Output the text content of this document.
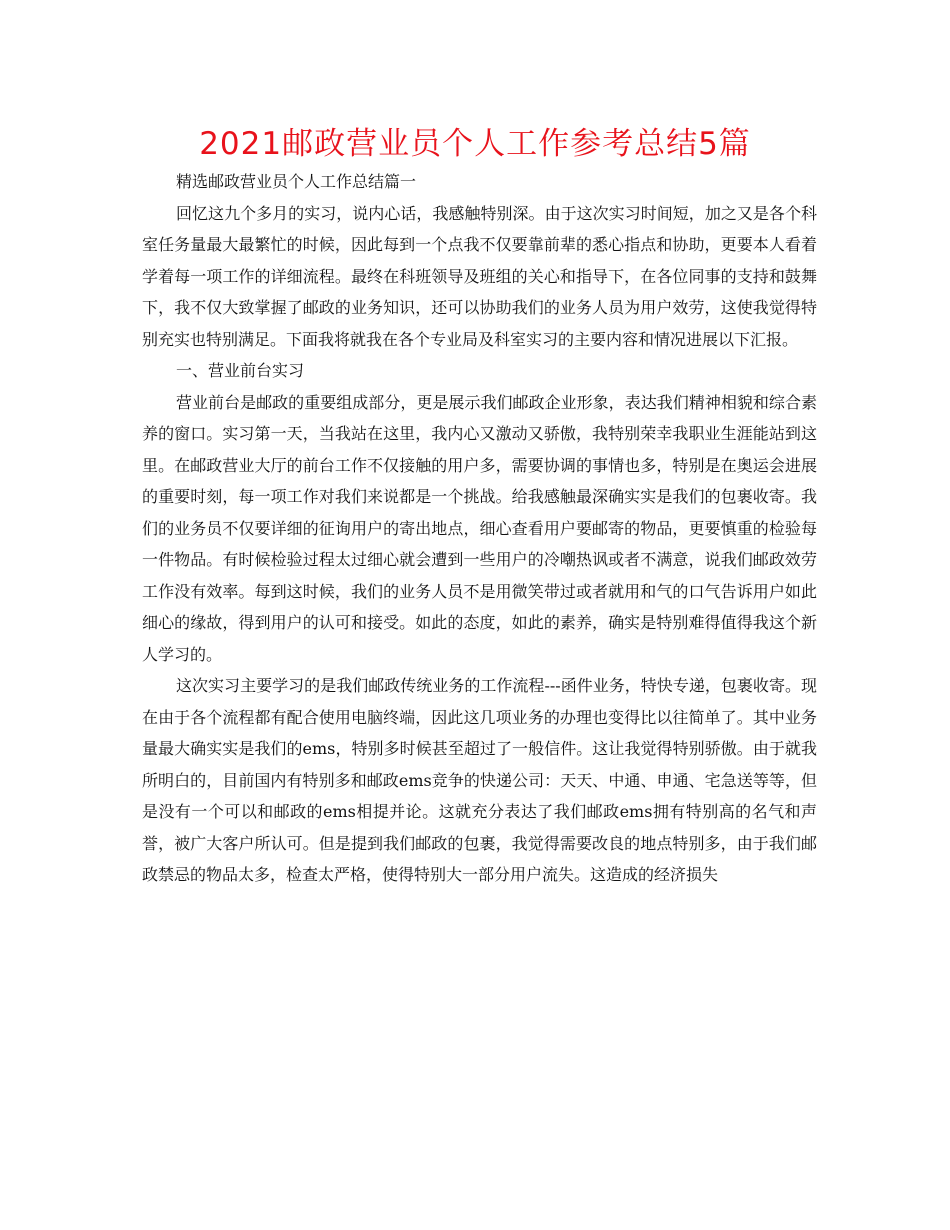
2021邮政营业员个人工作参考总结5篇

精选邮政营业员个人工作总结篇一

回忆这九个多月的实习，说内心话，我感触特别深。由于这次实习时间短，加之又是各个科室任务量最大最繁忙的时候，因此每到一个点我不仅要靠前辈的悉心指点和协助，更要本人看着学着每一项工作的详细流程。最终在科班领导及班组的关心和指导下，在各位同事的支持和鼓舞下，我不仅大致掌握了邮政的业务知识，还可以协助我们的业务人员为用户效劳，这使我觉得特别充实也特别满足。下面我将就我在各个专业局及科室实习的主要内容和情况进展以下汇报。

一、营业前台实习

营业前台是邮政的重要组成部分，更是展示我们邮政企业形象，表达我们精神相貌和综合素养的窗口。实习第一天，当我站在这里，我内心又激动又骄傲，我特别荣幸我职业生涯能站到这里。在邮政营业大厅的前台工作不仅接触的用户多，需要协调的事情也多，特别是在奥运会进展的重要时刻，每一项工作对我们来说都是一个挑战。给我感触最深确实实是我们的包裹收寄。我们的业务员不仅要详细的征询用户的寄出地点，细心查看用户要邮寄的物品，更要慎重的检验每一件物品。有时候检验过程太过细心就会遭到一些用户的冷嘲热讽或者不满意，说我们邮政效劳工作没有效率。每到这时候，我们的业务人员不是用微笑带过或者就用和气的口气告诉用户如此细心的缘故，得到用户的认可和接受。如此的态度，如此的素养，确实是特别难得值得我这个新人学习的。

这次实习主要学习的是我们邮政传统业务的工作流程---函件业务，特快专递，包裹收寄。现在由于各个流程都有配合使用电脑终端，因此这几项业务的办理也变得比以往简单了。其中业务量最大确实实是我们的ems，特别多时候甚至超过了一般信件。这让我觉得特别骄傲。由于就我所明白的，目前国内有特别多和邮政ems竞争的快递公司：天天、中通、申通、宅急送等等，但是没有一个可以和邮政的ems相提并论。这就充分表达了我们邮政ems拥有特别高的名气和声誉，被广大客户所认可。但是提到我们邮政的包裹，我觉得需要改良的地点特别多，由于我们邮政禁忌的物品太多，检查太严格，使得特别大一部分用户流失。这造成的经济损失
